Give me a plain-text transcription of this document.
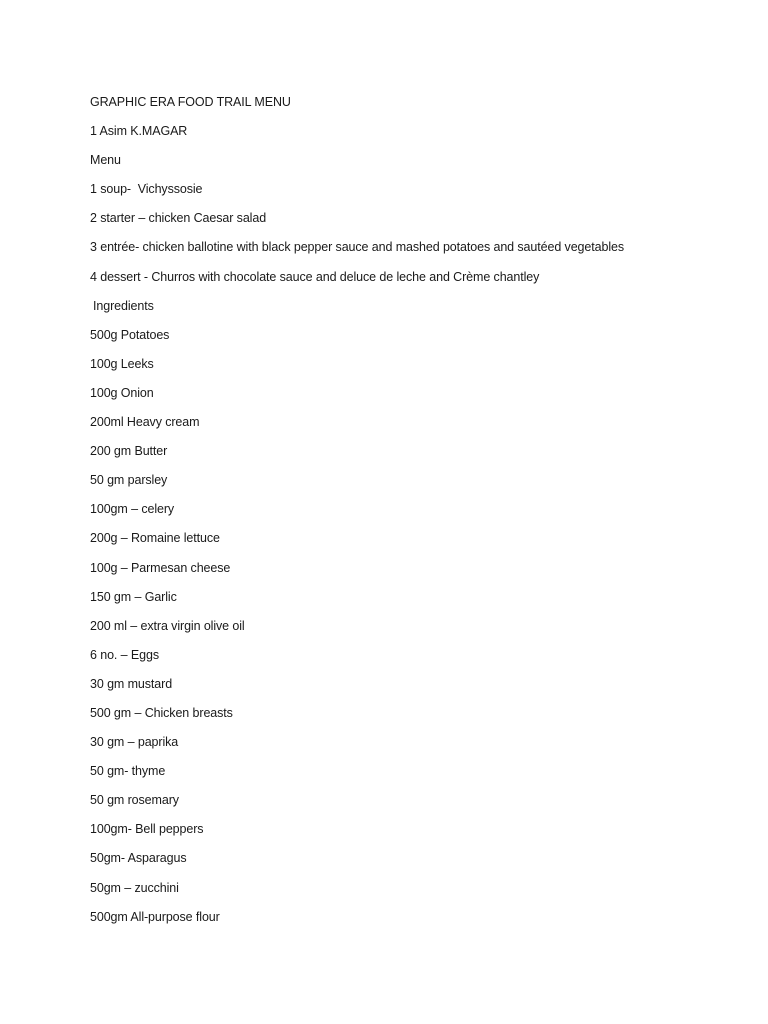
GRAPHIC ERA FOOD TRAIL MENU
1 Asim K.MAGAR
Menu
1 soup-  Vichyssosie
2 starter – chicken Caesar salad
3 entrée- chicken ballotine with black pepper sauce and mashed potatoes and sautéed vegetables
4 dessert - Churros with chocolate sauce and deluce de leche and Crème chantley
Ingredients
500g Potatoes
100g Leeks
100g Onion
200ml Heavy cream
200 gm Butter
50 gm parsley
100gm – celery
200g – Romaine lettuce
100g – Parmesan cheese
150 gm – Garlic
200 ml – extra virgin olive oil
6 no. – Eggs
30 gm mustard
500 gm – Chicken breasts
30 gm – paprika
50 gm- thyme
50 gm rosemary
100gm- Bell peppers
50gm- Asparagus
50gm – zucchini
500gm All-purpose flour
